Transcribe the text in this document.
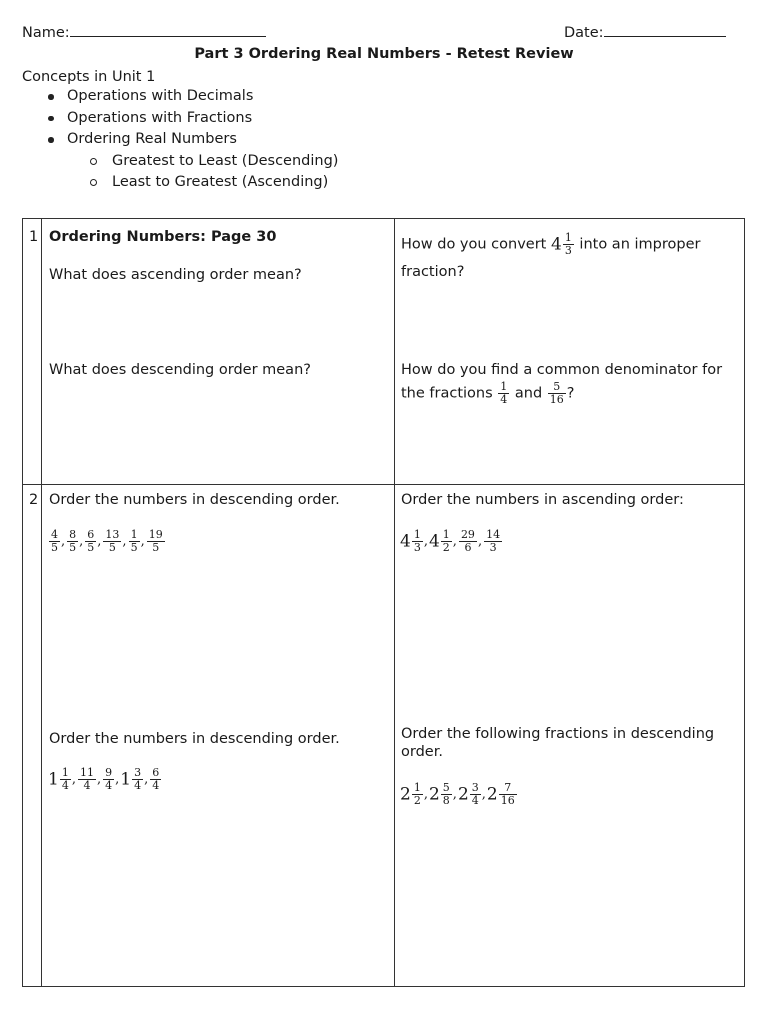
Name:	Date:
Part 3 Ordering Real Numbers - Retest Review
Concepts in Unit 1
Operations with Decimals
Operations with Fractions
Ordering Real Numbers
Greatest to Least (Descending)
Least to Greatest (Ascending)
1 Ordering Numbers: Page 30
What does ascending order mean?
What does descending order mean?
How do you convert $4 \frac{1}{3}$ into an improper
fraction?
How do you find a common denominator for
the fractions $\frac{1}{4}$ and $\frac{5}{16}$ ?
2 Order the numbers in descending order.
$\frac{4}{5}$ , $\frac{8}{5}$ , $\frac{6}{5}$ , $\frac{13}{5}$ , $\frac{1}{5}$ , $\frac{19}{5}$
Order the numbers in ascending order:
$4 \frac{1}{3} ,4 \frac{1}{2}$ , $\frac{29}{6}$ , $\frac{14}{3}$
Order the numbers in descending order.
$1 \frac{1}{4}$ , $\frac{11}{4}$ , $\frac{9}{4} ,1 \frac{3}{4}$ , $\frac{6}{4}$
Order the following fractions in descending
order.
$2 \frac{1}{2} ,2 \frac{5}{8} ,2 \frac{3}{4} ,2 \frac{7}{16}$
